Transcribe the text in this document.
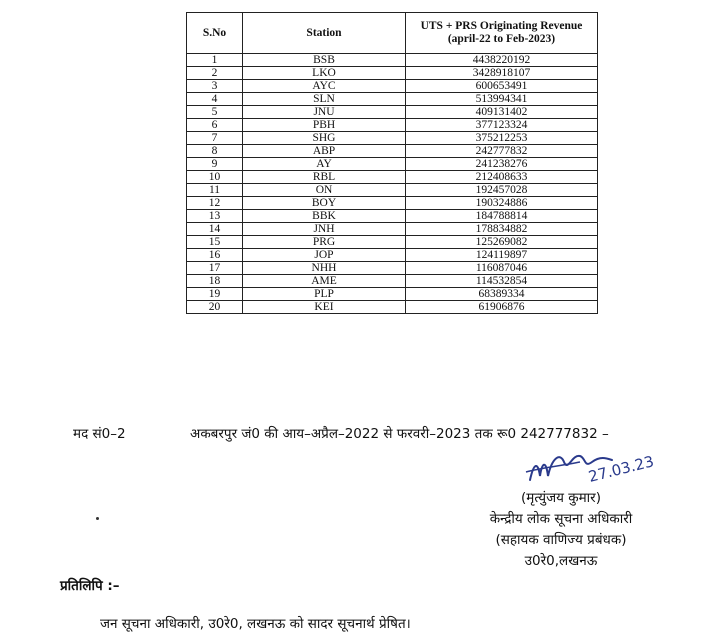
S.No	Station	UTS + PRS Originating Revenue
(april-22 to Feb-2023)

1	BSB	4438220192
2	LKO	3428918107
3	AYC	600653491
4	SLN	513994341
5	JNU	409131402
6	PBH	377123324
7	SHG	375212253
8	ABP	242777832
9	AY	241238276
10	RBL	212408633
11	ON	192457028
12	BOY	190324886
13	BBK	184788814
14	JNH	178834882
15	PRG	125269082
16	JOP	124119897
17	NHH	116087046
18	AME	114532854
19	PLP	68389334
20	KEI	61906876
मद सं0–2	अकबरपुर जं0 की आय–अप्रैल–2022 से फरवरी–2023 तक रू0 242777832 –
27.03.23
(मृत्युंजय कुमार)
केन्द्रीय लोक सूचना अधिकारी
(सहायक वाणिज्य प्रबंधक)
उ0रे0,लखनऊ
प्रतिलिपि :–
जन सूचना अधिकारी, उ0रे0, लखनऊ को सादर सूचनार्थ प्रेषित।
